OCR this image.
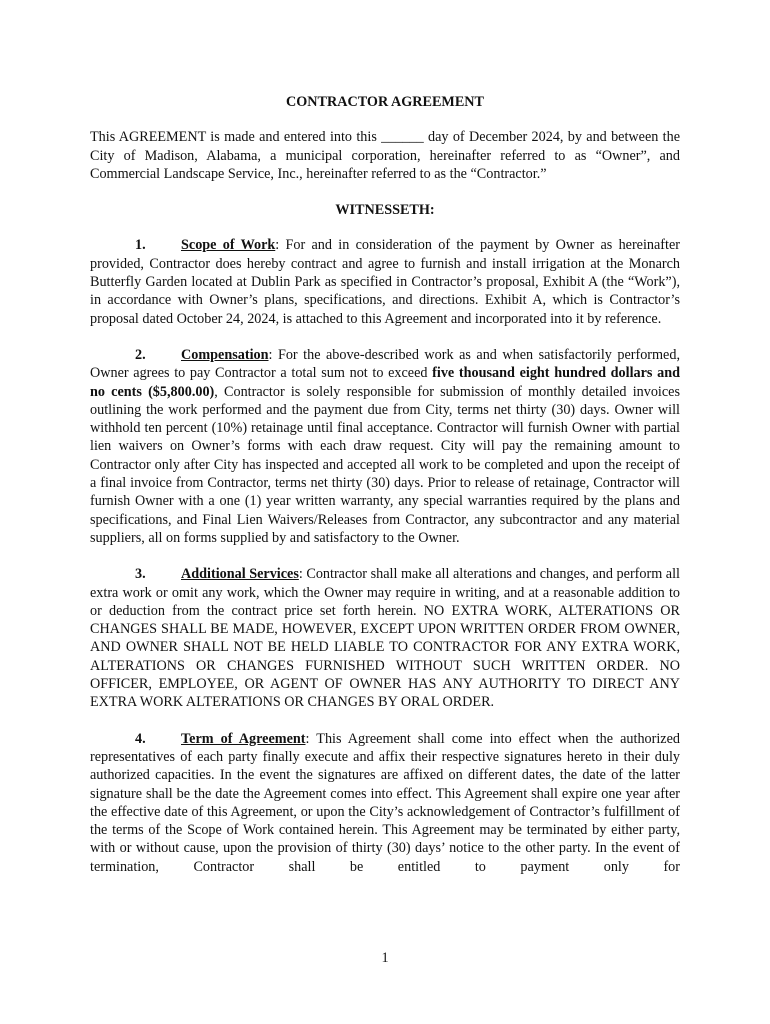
CONTRACTOR AGREEMENT

This AGREEMENT is made and entered into this ______ day of December 2024, by and between the City of Madison, Alabama, a municipal corporation, hereinafter referred to as “Owner”, and Commercial Landscape Service, Inc., hereinafter referred to as the “Contractor.”

WITNESSETH:

1. Scope of Work: For and in consideration of the payment by Owner as hereinafter provided, Contractor does hereby contract and agree to furnish and install irrigation at the Monarch Butterfly Garden located at Dublin Park as specified in Contractor’s proposal, Exhibit A (the “Work”), in accordance with Owner’s plans, specifications, and directions. Exhibit A, which is Contractor’s proposal dated October 24, 2024, is attached to this Agreement and incorporated into it by reference.

2. Compensation: For the above-described work as and when satisfactorily performed, Owner agrees to pay Contractor a total sum not to exceed five thousand eight hundred dollars and no cents ($5,800.00), Contractor is solely responsible for submission of monthly detailed invoices outlining the work performed and the payment due from City, terms net thirty (30) days. Owner will withhold ten percent (10%) retainage until final acceptance. Contractor will furnish Owner with partial lien waivers on Owner’s forms with each draw request. City will pay the remaining amount to Contractor only after City has inspected and accepted all work to be completed and upon the receipt of a final invoice from Contractor, terms net thirty (30) days. Prior to release of retainage, Contractor will furnish Owner with a one (1) year written warranty, any special warranties required by the plans and specifications, and Final Lien Waivers/Releases from Contractor, any subcontractor and any material suppliers, all on forms supplied by and satisfactory to the Owner.

3. Additional Services: Contractor shall make all alterations and changes, and perform all extra work or omit any work, which the Owner may require in writing, and at a reasonable addition to or deduction from the contract price set forth herein. NO EXTRA WORK, ALTERATIONS OR CHANGES SHALL BE MADE, HOWEVER, EXCEPT UPON WRITTEN ORDER FROM OWNER, AND OWNER SHALL NOT BE HELD LIABLE TO CONTRACTOR FOR ANY EXTRA WORK, ALTERATIONS OR CHANGES FURNISHED WITHOUT SUCH WRITTEN ORDER. NO OFFICER, EMPLOYEE, OR AGENT OF OWNER HAS ANY AUTHORITY TO DIRECT ANY EXTRA WORK ALTERATIONS OR CHANGES BY ORAL ORDER.

4. Term of Agreement: This Agreement shall come into effect when the authorized representatives of each party finally execute and affix their respective signatures hereto in their duly authorized capacities. In the event the signatures are affixed on different dates, the date of the latter signature shall be the date the Agreement comes into effect. This Agreement shall expire one year after the effective date of this Agreement, or upon the City’s acknowledgement of Contractor’s fulfillment of the terms of the Scope of Work contained herein. This Agreement may be terminated by either party, with or without cause, upon the provision of thirty (30) days’ notice to the other party. In the event of termination, Contractor shall be entitled to payment only for

1
